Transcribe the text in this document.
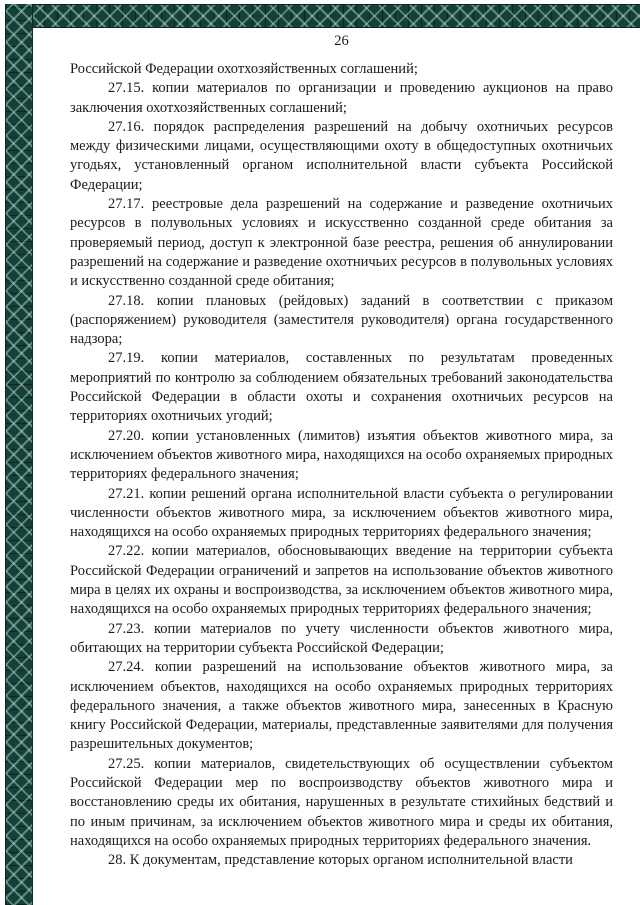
26

Российской Федерации охотхозяйственных соглашений;

27.15. копии материалов по организации и проведению аукционов на право заключения охотхозяйственных соглашений;

27.16. порядок распределения разрешений на добычу охотничьих ресурсов между физическими лицами, осуществляющими охоту в общедоступных охотничьих угодьях, установленный органом исполнительной власти субъекта Российской Федерации;

27.17. реестровые дела разрешений на содержание и разведение охотничьих ресурсов в полувольных условиях и искусственно созданной среде обитания за проверяемый период, доступ к электронной базе реестра, решения об аннулировании разрешений на содержание и разведение охотничьих ресурсов в полувольных условиях и искусственно созданной среде обитания;

27.18. копии плановых (рейдовых) заданий в соответствии с приказом (распоряжением) руководителя (заместителя руководителя) органа государственного надзора;

27.19. копии материалов, составленных по результатам проведенных мероприятий по контролю за соблюдением обязательных требований законодательства Российской Федерации в области охоты и сохранения охотничьих ресурсов на территориях охотничьих угодий;

27.20. копии установленных (лимитов) изъятия объектов животного мира, за исключением объектов животного мира, находящихся на особо охраняемых природных территориях федерального значения;

27.21. копии решений органа исполнительной власти субъекта о регулировании численности объектов животного мира, за исключением объектов животного мира, находящихся на особо охраняемых природных территориях федерального значения;

27.22. копии материалов, обосновывающих введение на территории субъекта Российской Федерации ограничений и запретов на использование объектов животного мира в целях их охраны и воспроизводства, за исключением объектов животного мира, находящихся на особо охраняемых природных территориях федерального значения;

27.23. копии материалов по учету численности объектов животного мира, обитающих на территории субъекта Российской Федерации;

27.24. копии разрешений на использование объектов животного мира, за исключением объектов, находящихся на особо охраняемых природных территориях федерального значения, а также объектов животного мира, занесенных в Красную книгу Российской Федерации, материалы, представленные заявителями для получения разрешительных документов;

27.25. копии материалов, свидетельствующих об осуществлении субъектом Российской Федерации мер по воспроизводству объектов животного мира и восстановлению среды их обитания, нарушенных в результате стихийных бедствий и по иным причинам, за исключением объектов животного мира и среды их обитания, находящихся на особо охраняемых природных территориях федерального значения.

28. К документам, представление которых органом исполнительной власти
